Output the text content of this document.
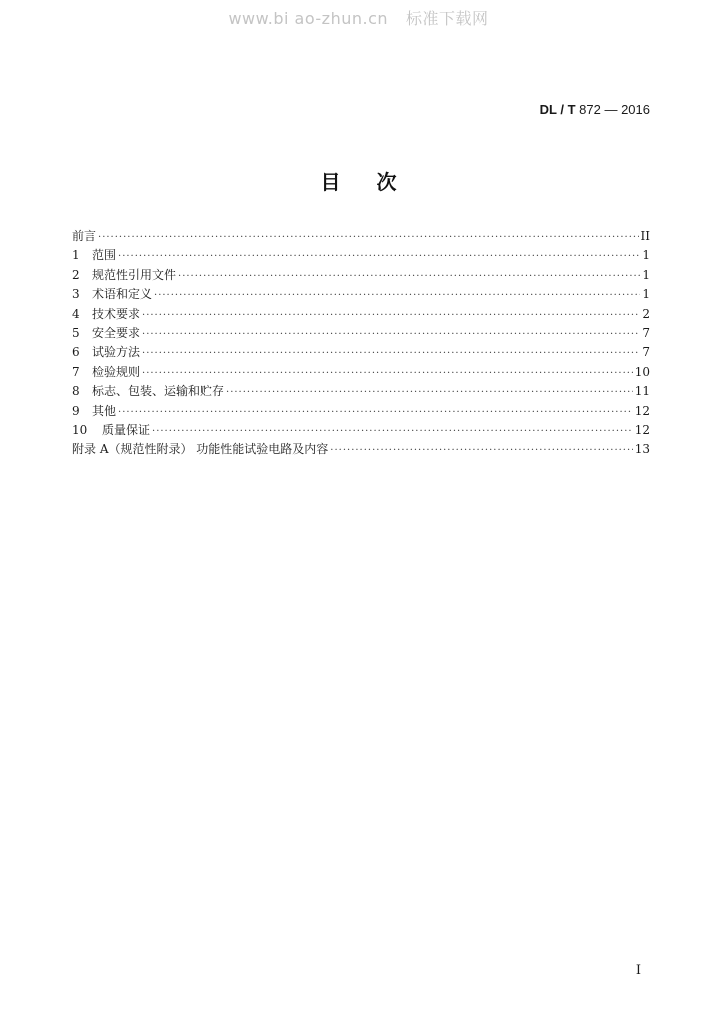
www.bi ao-zhun.cn 标准下载网
DL / T 872 — 2016
目次
前言 ·····	II
1	范围 ·····	1
2	规范性引用文件 ·····	1
3	术语和定义 ·····	1
4	技术要求 ·····	2
5	安全要求 ·····	7
6	试验方法 ·····	7
7	检验规则 ·····	10
8	标志、包装、运输和贮存 ·····	11
9	其他 ·····	12
10	质量保证 ·····	12
附录 A（规范性附录） 功能性能试验电路及内容 ·····	13
I
